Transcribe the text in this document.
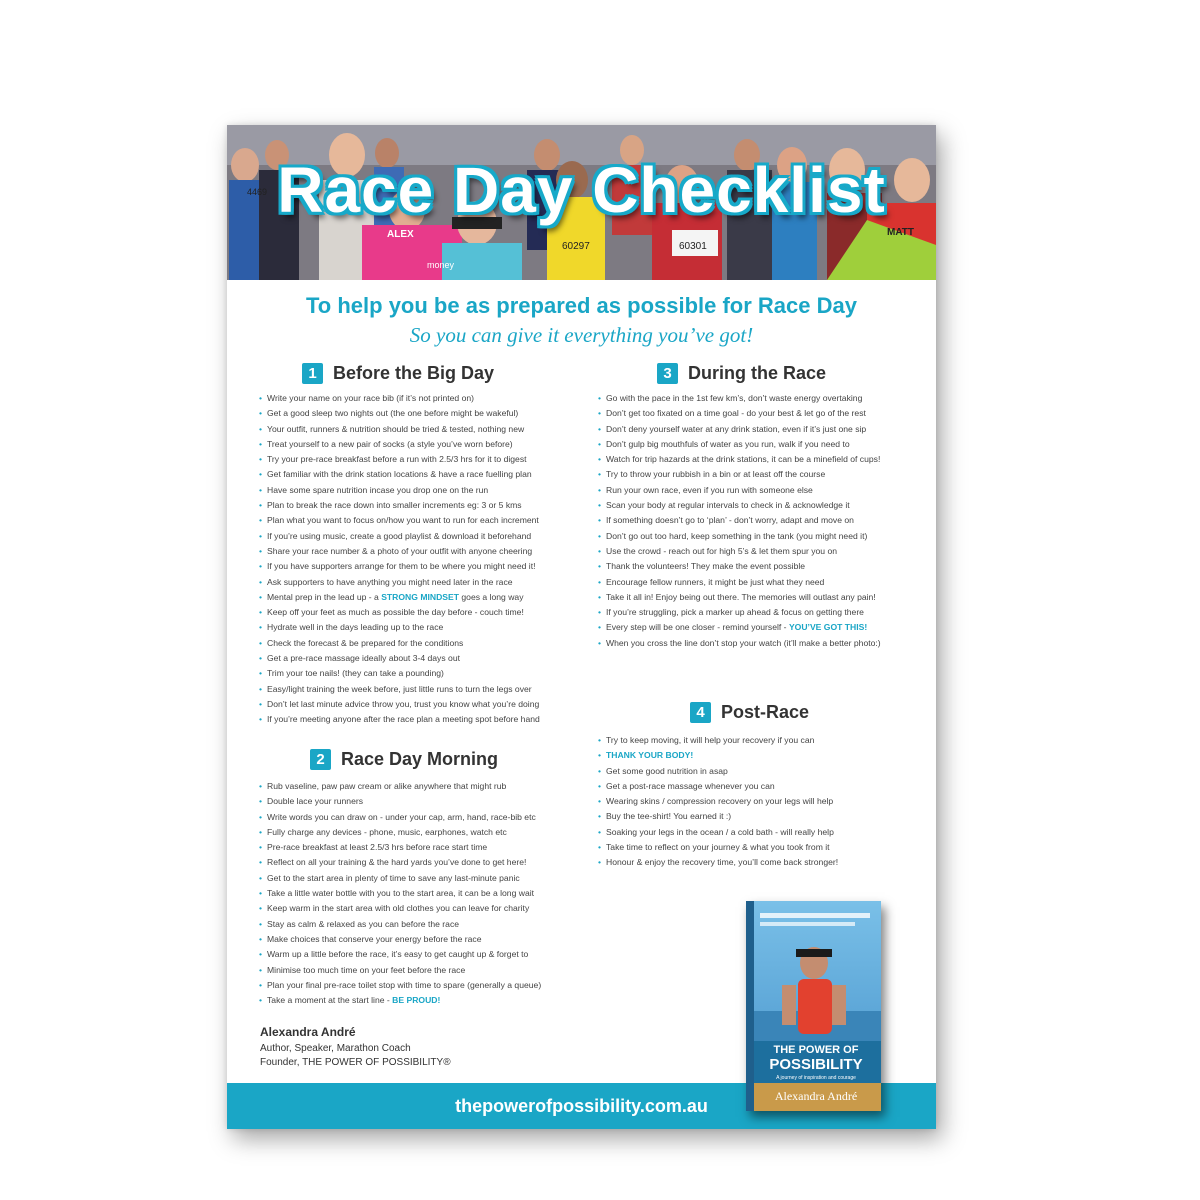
4469
ALEX
60297	60301
MATT
money
Race Day Checklist
To help you be as prepared as possible for Race Day
So you can give it everything you’ve got!
1 Before the Big Day
• Write your name on your race bib (if it’s not printed on)
• Get a good sleep two nights out (the one before might be wakeful)
• Your outfit, runners & nutrition should be tried & tested, nothing new
• Treat yourself to a new pair of socks (a style you’ve worn before)
• Try your pre-race breakfast before a run with 2.5/3 hrs for it to digest
• Get familiar with the drink station locations & have a race fuelling plan
• Have some spare nutrition incase you drop one on the run
• Plan to break the race down into smaller increments eg: 3 or 5 kms
• Plan what you want to focus on/how you want to run for each increment
• If you’re using music, create a good playlist & download it beforehand
• Share your race number & a photo of your outfit with anyone cheering
• If you have supporters arrange for them to be where you might need it!
• Ask supporters to have anything you might need later in the race
• Mental prep in the lead up - a STRONG MINDSET goes a long way
• Keep off your feet as much as possible the day before - couch time!
• Hydrate well in the days leading up to the race
• Check the forecast & be prepared for the conditions
• Get a pre-race massage ideally about 3-4 days out
• Trim your toe nails! (they can take a pounding)
• Easy/light training the week before, just little runs to turn the legs over
• Don’t let last minute advice throw you, trust you know what you’re doing
• If you’re meeting anyone after the race plan a meeting spot before hand
2 Race Day Morning
• Rub vaseline, paw paw cream or alike anywhere that might rub
• Double lace your runners
• Write words you can draw on - under your cap, arm, hand, race-bib etc
• Fully charge any devices - phone, music, earphones, watch etc
• Pre-race breakfast at least 2.5/3 hrs before race start time
• Reflect on all your training & the hard yards you’ve done to get here!
• Get to the start area in plenty of time to save any last-minute panic
• Take a little water bottle with you to the start area, it can be a long wait
• Keep warm in the start area with old clothes you can leave for charity
• Stay as calm & relaxed as you can before the race
• Make choices that conserve your energy before the race
• Warm up a little before the race, it’s easy to get caught up & forget to
• Minimise too much time on your feet before the race
• Plan your final pre-race toilet stop with time to spare (generally a queue)
• Take a moment at the start line - BE PROUD!
3 During the Race
• Go with the pace in the 1st few km’s, don’t waste energy overtaking
• Don’t get too fixated on a time goal - do your best & let go of the rest
• Don’t deny yourself water at any drink station, even if it’s just one sip
• Don’t gulp big mouthfuls of water as you run, walk if you need to
• Watch for trip hazards at the drink stations, it can be a minefield of cups!
• Try to throw your rubbish in a bin or at least off the course
• Run your own race, even if you run with someone else
• Scan your body at regular intervals to check in & acknowledge it
• If something doesn’t go to ‘plan’ - don’t worry, adapt and move on
• Don’t go out too hard, keep something in the tank (you might need it)
• Use the crowd - reach out for high 5’s & let them spur you on
• Thank the volunteers! They make the event possible
• Encourage fellow runners, it might be just what they need
• Take it all in! Enjoy being out there. The memories will outlast any pain!
• If you’re struggling, pick a marker up ahead & focus on getting there
• Every step will be one closer - remind yourself - YOU’VE GOT THIS!
• When you cross the line don’t stop your watch (it’ll make a better photo:)
4 Post-Race
• Try to keep moving, it will help your recovery if you can
• THANK YOUR BODY!
• Get some good nutrition in asap
• Get a post-race massage whenever you can
• Wearing skins / compression recovery on your legs will help
• Buy the tee-shirt! You earned it :)
• Soaking your legs in the ocean / a cold bath - will really help
• Take time to reflect on your journey & what you took from it
• Honour & enjoy the recovery time, you’ll come back stronger!
Alexandra André
Author, Speaker, Marathon Coach
Founder, THE POWER OF POSSIBILITY®
thepowerofpossibility.com.au
THE POWER OF
POSSIBILITY
A journey of inspiration and courage
Alexandra André
